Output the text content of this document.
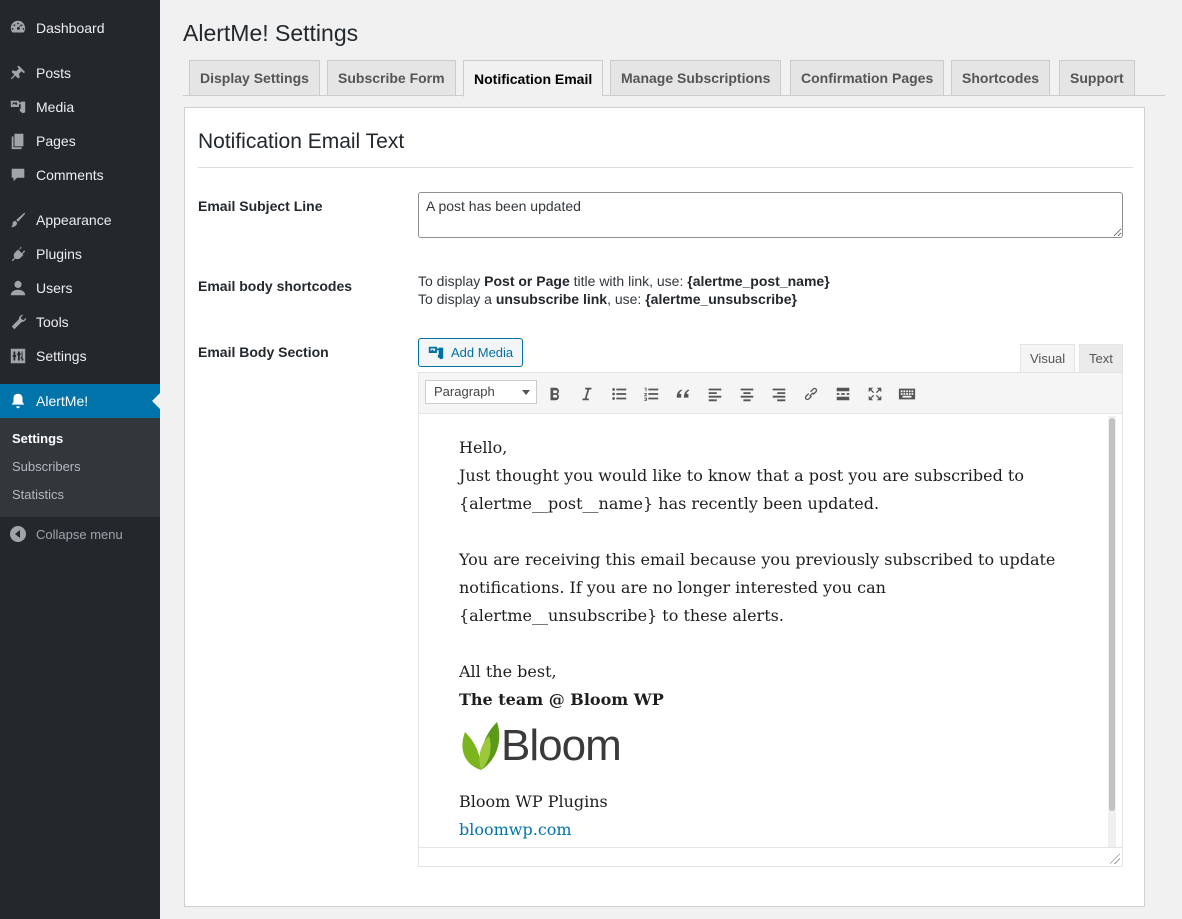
Dashboard
Posts
Media
Pages
Comments
Appearance
Plugins
Users
Tools
Settings
AlertMe!
Settings
Subscribers
Statistics
Collapse menu
AlertMe! Settings
Display Settings	Subscribe Form	Notification Email	Manage Subscriptions	Confirmation Pages	Shortcodes	Support
Notification Email Text
Email Subject Line
A post has been updated
Email body shortcodes	To display Post or Page title with link, use: {alertme_post_name}
To display a unsubscribe link, use: {alertme_unsubscribe}
Email Body Section	Add Media	Visual	Text
Paragraph

Hello,

Just thought you would like to know that a post you are subscribed to

{alertme__post__name} has recently been updated.

You are receiving this email because you previously subscribed to update

notifications. If you are no longer interested you can

{alertme__unsubscribe} to these alerts.

All the best,

The team @ Bloom WP

Bloom

Bloom WP Plugins

bloomwp.com
